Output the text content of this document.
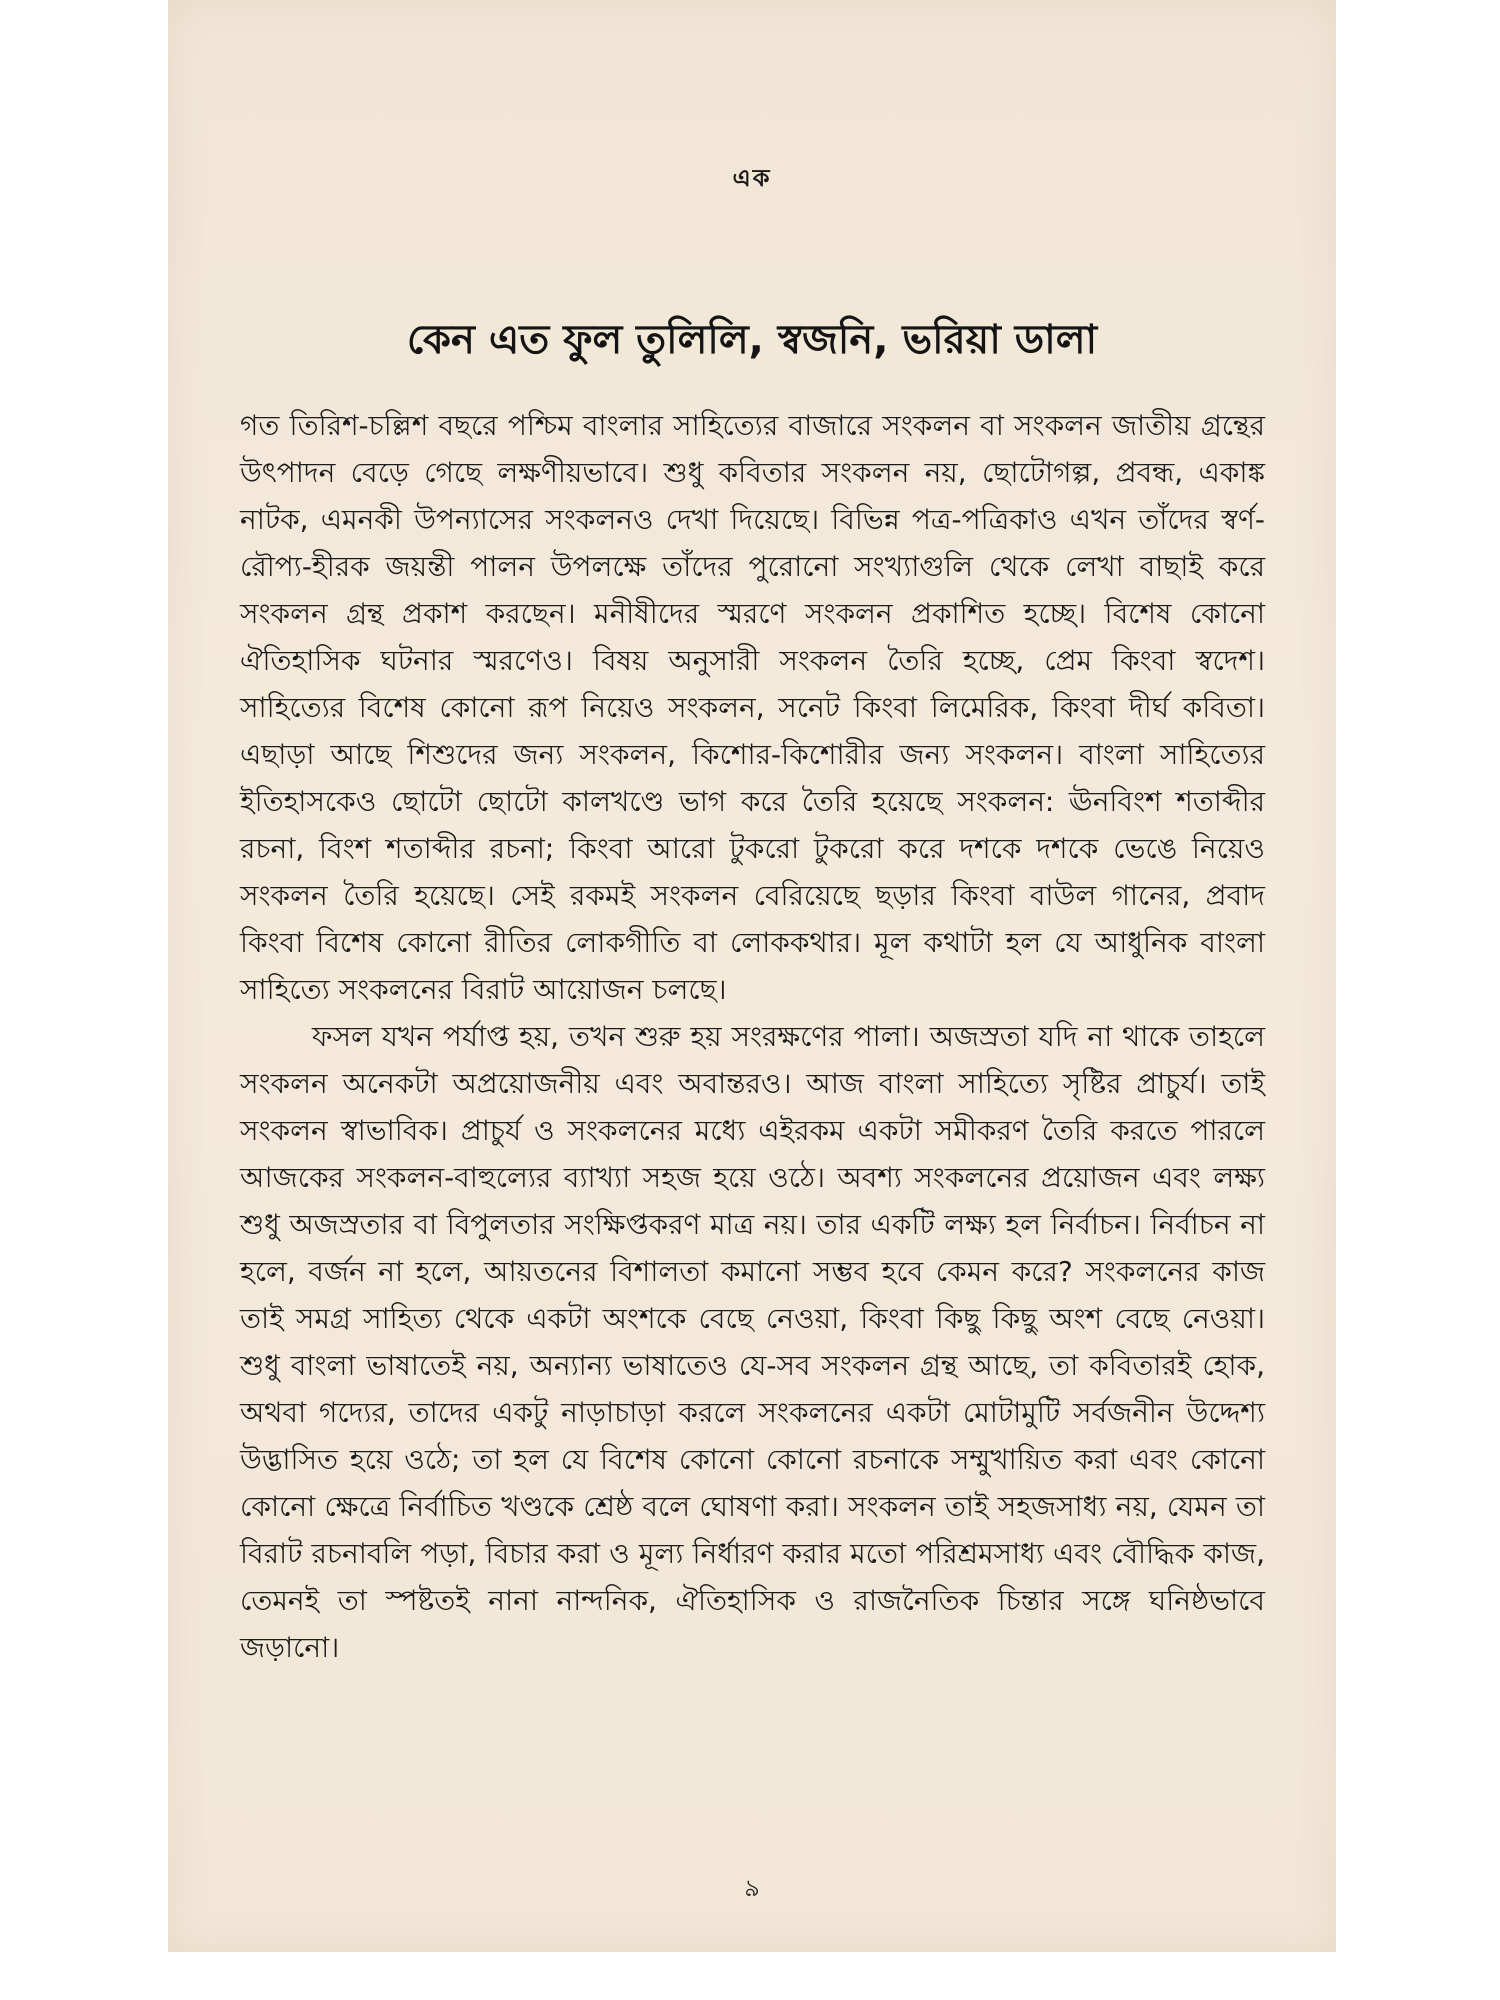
এক
কেন এত ফুল তুলিলি, স্বজনি, ভরিয়া ডালা

গত তিরিশ-চল্লিশ বছরে পশ্চিম বাংলার সাহিত্যের বাজারে সংকলন বা সংকলন জাতীয় গ্রন্থের উৎপাদন বেড়ে গেছে লক্ষণীয়ভাবে। শুধু কবিতার সংকলন নয়, ছোটোগল্প, প্রবন্ধ, একাঙ্ক নাটক, এমনকী উপন্যাসের সংকলনও দেখা দিয়েছে। বিভিন্ন পত্র-পত্রিকাও এখন তাঁদের স্বর্ণ-রৌপ্য-হীরক জয়ন্তী পালন উপলক্ষে তাঁদের পুরোনো সংখ্যাগুলি থেকে লেখা বাছাই করে সংকলন গ্রন্থ প্রকাশ করছেন। মনীষীদের স্মরণে সংকলন প্রকাশিত হচ্ছে। বিশেষ কোনো ঐতিহাসিক ঘটনার স্মরণেও। বিষয় অনুসারী সংকলন তৈরি হচ্ছে, প্রেম কিংবা স্বদেশ। সাহিত্যের বিশেষ কোনো রূপ নিয়েও সংকলন, সনেট কিংবা লিমেরিক, কিংবা দীর্ঘ কবিতা। এছাড়া আছে শিশুদের জন্য সংকলন, কিশোর-কিশোরীর জন্য সংকলন। বাংলা সাহিত্যের ইতিহাসকেও ছোটো ছোটো কালখণ্ডে ভাগ করে তৈরি হয়েছে সংকলন: ঊনবিংশ শতাব্দীর রচনা, বিংশ শতাব্দীর রচনা; কিংবা আরো টুকরো টুকরো করে দশকে দশকে ভেঙে নিয়েও সংকলন তৈরি হয়েছে। সেই রকমই সংকলন বেরিয়েছে ছড়ার কিংবা বাউল গানের, প্রবাদ কিংবা বিশেষ কোনো রীতির লোকগীতি বা লোককথার। মূল কথাটা হল যে আধুনিক বাংলা সাহিত্যে সংকলনের বিরাট আয়োজন চলছে।

ফসল যখন পর্যাপ্ত হয়, তখন শুরু হয় সংরক্ষণের পালা। অজস্রতা যদি না থাকে তাহলে সংকলন অনেকটা অপ্রয়োজনীয় এবং অবান্তরও। আজ বাংলা সাহিত্যে সৃষ্টির প্রাচুর্য। তাই সংকলন স্বাভাবিক। প্রাচুর্য ও সংকলনের মধ্যে এইরকম একটা সমীকরণ তৈরি করতে পারলে আজকের সংকলন-বাহুল্যের ব্যাখ্যা সহজ হয়ে ওঠে। অবশ্য সংকলনের প্রয়োজন এবং লক্ষ্য শুধু অজস্রতার বা বিপুলতার সংক্ষিপ্তকরণ মাত্র নয়। তার একটি লক্ষ্য হল নির্বাচন। নির্বাচন না হলে, বর্জন না হলে, আয়তনের বিশালতা কমানো সম্ভব হবে কেমন করে? সংকলনের কাজ তাই সমগ্র সাহিত্য থেকে একটা অংশকে বেছে নেওয়া, কিংবা কিছু কিছু অংশ বেছে নেওয়া। শুধু বাংলা ভাষাতেই নয়, অন্যান্য ভাষাতেও যে-সব সংকলন গ্রন্থ আছে, তা কবিতারই হোক, অথবা গদ্যের, তাদের একটু নাড়াচাড়া করলে সংকলনের একটা মোটামুটি সর্বজনীন উদ্দেশ্য উদ্ভাসিত হয়ে ওঠে; তা হল যে বিশেষ কোনো কোনো রচনাকে সম্মুখায়িত করা এবং কোনো কোনো ক্ষেত্রে নির্বাচিত খণ্ডকে শ্রেষ্ঠ বলে ঘোষণা করা। সংকলন তাই সহজসাধ্য নয়, যেমন তা বিরাট রচনাবলি পড়া, বিচার করা ও মূল্য নির্ধারণ করার মতো পরিশ্রমসাধ্য এবং বৌদ্ধিক কাজ, তেমনই তা স্পষ্টতই নানা নান্দনিক, ঐতিহাসিক ও রাজনৈতিক চিন্তার সঙ্গে ঘনিষ্ঠভাবে জড়ানো।

৯
